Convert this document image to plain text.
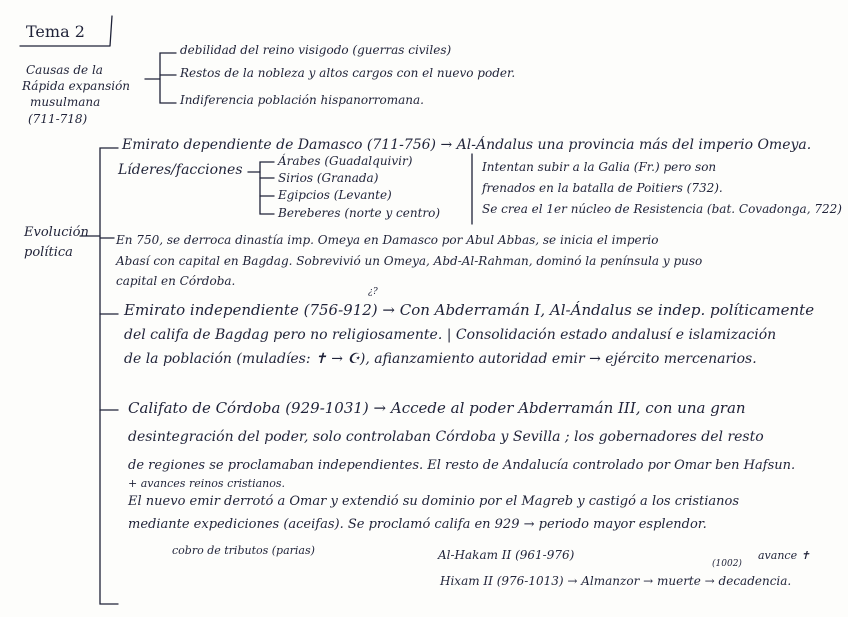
Tema 2
Causas de la
Rápida expansión
musulmana
(711-718)
debilidad del reino visigodo (guerras civiles)
Restos de la nobleza y altos cargos con el nuevo poder.
Indiferencia población hispanorromana.
Evolución
política
Emirato dependiente de Damasco (711-756) → Al-Ándalus una provincia más del imperio Omeya.
Líderes/facciones
Árabes (Guadalquivir)
Sirios (Granada)
Egipcios (Levante)
Bereberes (norte y centro)
Intentan subir a la Galia (Fr.) pero son
frenados en la batalla de Poitiers (732).
Se crea el 1er núcleo de Resistencia (bat. Covadonga, 722)
En 750, se derroca dinastía imp. Omeya en Damasco por Abul Abbas, se inicia el imperio
Abasí con capital en Bagdag. Sobrevivió un Omeya, Abd-Al-Rahman, dominó la península y puso
capital en Córdoba.
¿?
Emirato independiente (756-912) → Con Abderramán I, Al-Ándalus se indep. políticamente
del califa de Bagdag pero no religiosamente. | Consolidación estado andalusí e islamización
de la población (muladíes: ✝ → ☪), afianzamiento autoridad emir → ejército mercenarios.
Califato de Córdoba (929-1031) → Accede al poder Abderramán III, con una gran
desintegración del poder, solo controlaban Córdoba y Sevilla ; los gobernadores del resto
de regiones se proclamaban independientes. El resto de Andalucía controlado por Omar ben Hafsun.
+ avances reinos cristianos.
El nuevo emir derrotó a Omar y extendió su dominio por el Magreb y castigó a los cristianos
mediante expediciones (aceifas). Se proclamó califa en 929 → periodo mayor esplendor.
cobro de tributos (parias)	Al-Hakam II (961-976)
(1002)
avance ✝
Hixam II (976-1013) → Almanzor → muerte → decadencia.
